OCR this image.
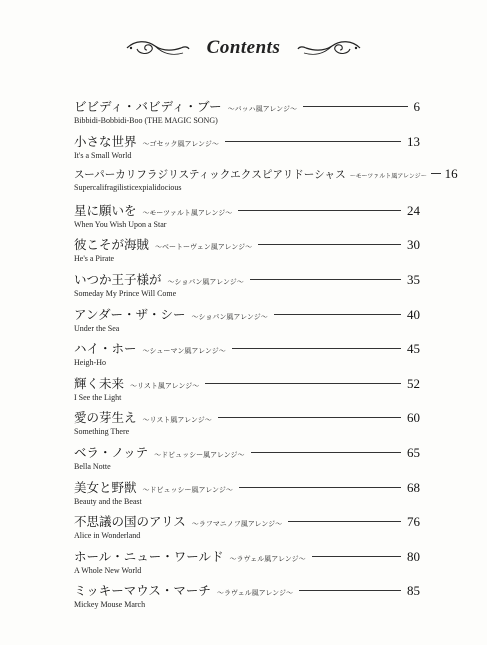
Contents
ビビディ・バビディ・ブー ～バッハ風アレンジ～	6
Bibbidi-Bobbidi-Boo (THE MAGIC SONG)
小さな世界 ～ゴセック風アレンジ～	13
It's a Small World
スーパーカリフラジリスティックエクスピアリドーシャス ～モーツァルト風アレンジ～ 16
Supercalifragilisticexpialidocious
星に願いを ～モーツァルト風アレンジ～	24
When You Wish Upon a Star
彼こそが海賊 ～ベートーヴェン風アレンジ～	30
He's a Pirate
いつか王子様が ～ショパン風アレンジ～	35
Someday My Prince Will Come
アンダー・ザ・シー ～ショパン風アレンジ～	40
Under the Sea
ハイ・ホー ～シューマン風アレンジ～	45
Heigh-Ho
輝く未来 ～リスト風アレンジ～	52
I See the Light
愛の芽生え ～リスト風アレンジ～	60
Something There
ベラ・ノッテ ～ドビュッシー風アレンジ～	65
Bella Notte
美女と野獣 ～ドビュッシー風アレンジ～	68
Beauty and the Beast
不思議の国のアリス ～ラフマニノフ風アレンジ～	76
Alice in Wonderland
ホール・ニュー・ワールド ～ラヴェル風アレンジ～	80
A Whole New World
ミッキーマウス・マーチ ～ラヴェル風アレンジ～	85
Mickey Mouse March
